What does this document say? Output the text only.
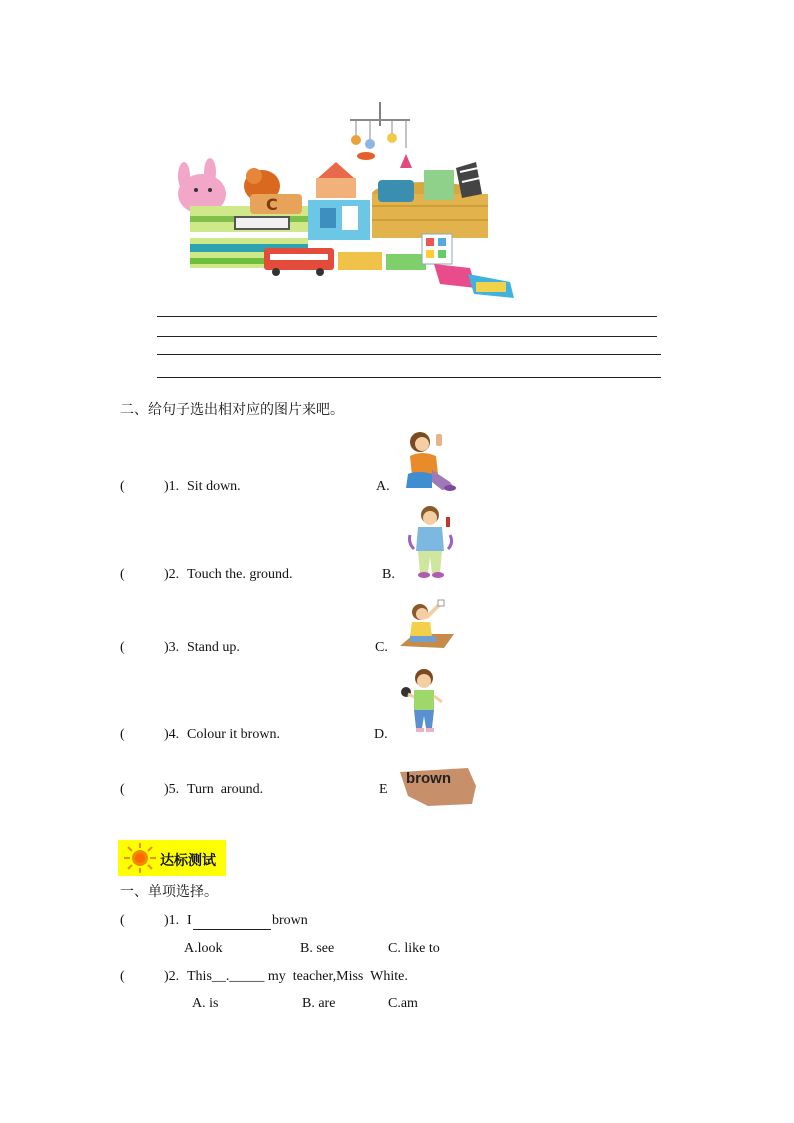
C
二、给句子选出相对应的图片来吧。
(	)1. Sit down.	A.
(	)2. Touch the. ground.	B.
(	)3. Stand up.	C.
(	)4. Colour it brown.	D.
(	)5. Turn  around.	E
brown
达标测试
一、单项选择。
(	)1. I	brown
A.look	B. see	C. like to
(	)2. This__._____ my  teacher,Miss  White.
A. is	B. are	C.am
